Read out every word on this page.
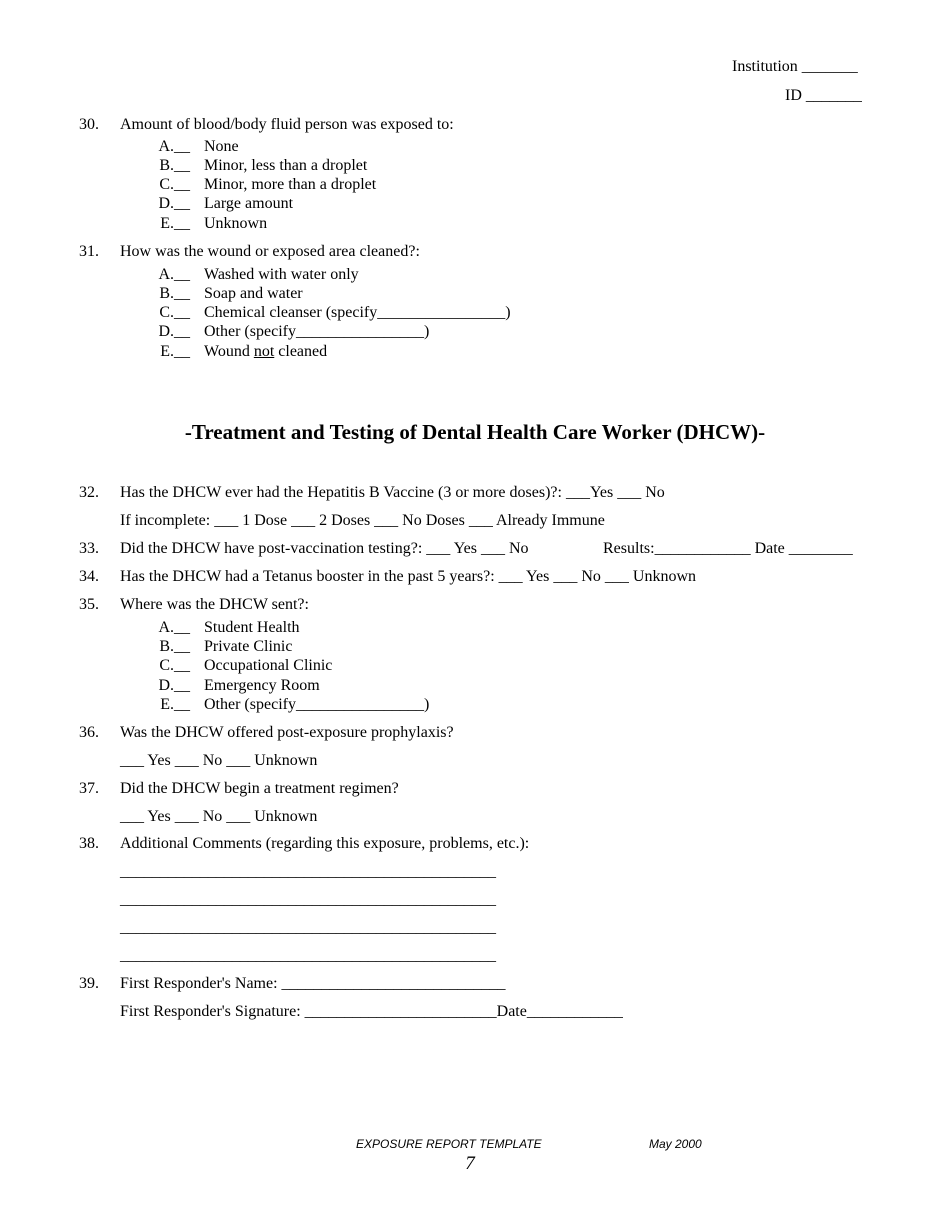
Institution _______
ID _______
30. Amount of blood/body fluid person was exposed to:
A.__ None
B.__ Minor, less than a droplet
C.__ Minor, more than a droplet
D.__ Large amount
E.__ Unknown
31. How was the wound or exposed area cleaned?:
A.__ Washed with water only
B.__ Soap and water
C.__ Chemical cleanser (specify________________)
D.__ Other (specify________________)
E.__ Wound not cleaned
-Treatment and Testing of Dental Health Care Worker (DHCW)-
32. Has the DHCW ever had the Hepatitis B Vaccine (3 or more doses)?: ___Yes ___ No
If incomplete: ___ 1 Dose ___ 2 Doses ___ No Doses ___ Already Immune
33. Did the DHCW have post-vaccination testing?: ___ Yes ___ No	Results:____________ Date ________
34. Has the DHCW had a Tetanus booster in the past 5 years?: ___ Yes ___ No ___ Unknown
35. Where was the DHCW sent?:
A.__ Student Health
B.__ Private Clinic
C.__ Occupational Clinic
D.__ Emergency Room
E.__ Other (specify________________)
36. Was the DHCW offered post-exposure prophylaxis?
___ Yes ___ No ___ Unknown
37. Did the DHCW begin a treatment regimen?
___ Yes ___ No ___ Unknown
38. Additional Comments (regarding this exposure, problems, etc.):
_______________________________________________
_______________________________________________
_______________________________________________
_______________________________________________
39. First Responder's Name: ____________________________
First Responder's Signature: ________________________Date____________
EXPOSURE REPORT TEMPLATE	May 2000
7
